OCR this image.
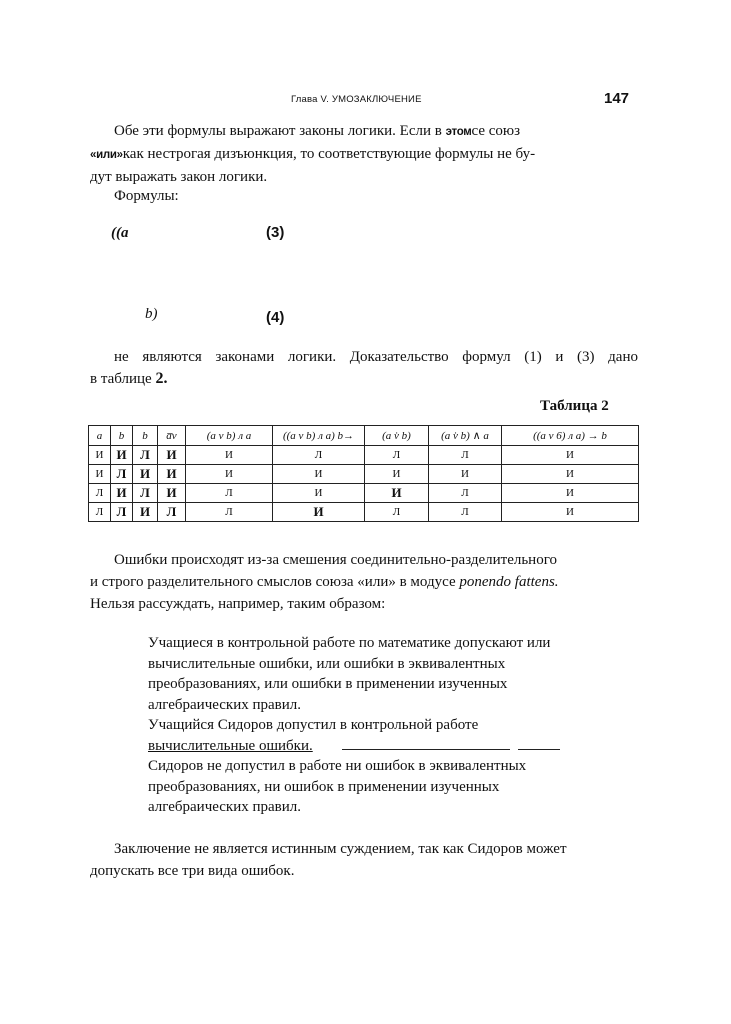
Глава V. УМОЗАКЛЮЧЕНИЕ	147
Обе эти формулы выражают законы логики. Если в этомсе союз
«или»как нестрогая дизъюнкция, то соответствующие формулы не бу-
дут выражать закон логики.
Формулы:
((a	(3)
b)	(4)
не являются законами логики. Доказательство формул (1) и (3) дано
в таблице 2.
Таблица 2
a	b	b	a̅v	(a v b) л a	((a v b) л a) b→	(a v̇ b)	(a v̇ b) ∧ a	((a v 6) л a) → b
И	И	Л	И	И	Л	Л	Л	И
И	Л	И	И	И	И	И	И	И
Л	И	Л	И	Л	И	И	Л	И
Л	Л	И	Л	Л	И	Л	Л	И
Ошибки происходят из-за смешения соединительно-разделительного
и строго разделительного смыслов союза «или» в модусе ponendo fattens.
Нельзя рассуждать, например, таким образом:
Учащиеся в контрольной работе по математике допускают или
вычислительные ошибки, или ошибки в эквивалентных
преобразованиях, или ошибки в применении изученных
алгебраических правил.
Учащийся Сидоров допустил в контрольной работе
вычислительные ошибки.
Сидоров не допустил в работе ни ошибок в эквивалентных
преобразованиях, ни ошибок в применении изученных
алгебраических правил.
Заключение не является истинным суждением, так как Сидоров может
допускать все три вида ошибок.
